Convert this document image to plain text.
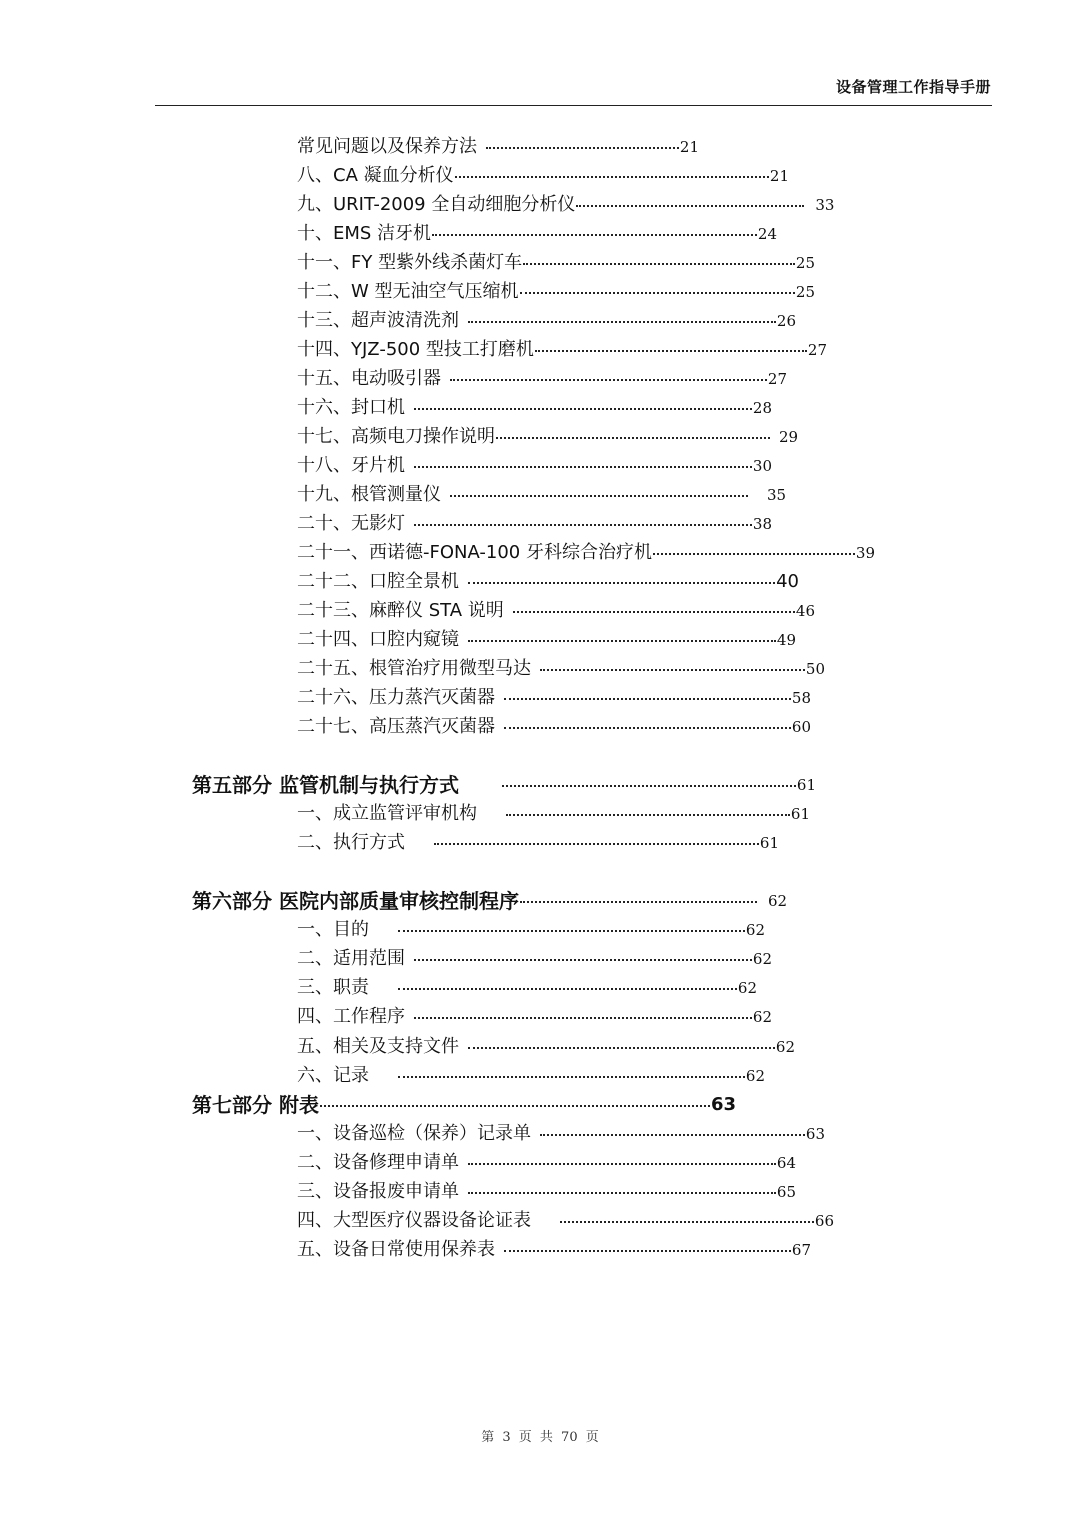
设备管理工作指导手册
常见问题以及保养方法	21
八、CA 凝血分析仪	21
九、URIT-2009 全自动细胞分析仪	33
十、EMS 洁牙机	24
十一、FY 型紫外线杀菌灯车	25
十二、W 型无油空气压缩机	25
十三、超声波清洗剂	26
十四、YJZ-500 型技工打磨机	27
十五、电动吸引器	27
十六、封口机	28
十七、高频电刀操作说明	29
十八、牙片机	30
十九、根管测量仪	35
二十、无影灯	38
二十一、西诺德-FONA-100 牙科综合治疗机	39
二十二、口腔全景机	40
二十三、麻醉仪 STA 说明	46
二十四、口腔内窥镜	49
二十五、根管治疗用微型马达	50
二十六、压力蒸汽灭菌器	58
二十七、高压蒸汽灭菌器	60
第五部分 监管机制与执行方式	61
一、成立监管评审机构	61
二、执行方式	61
第六部分 医院内部质量审核控制程序	62
一、目的	62
二、适用范围	62
三、职责	62
四、工作程序	62
五、相关及支持文件	62
六、记录	62
第七部分 附表	63
一、设备巡检（保养）记录单	63
二、设备修理申请单	64
三、设备报废申请单	65
四、大型医疗仪器设备论证表	66
五、设备日常使用保养表	67
第 3 页 共 70 页
